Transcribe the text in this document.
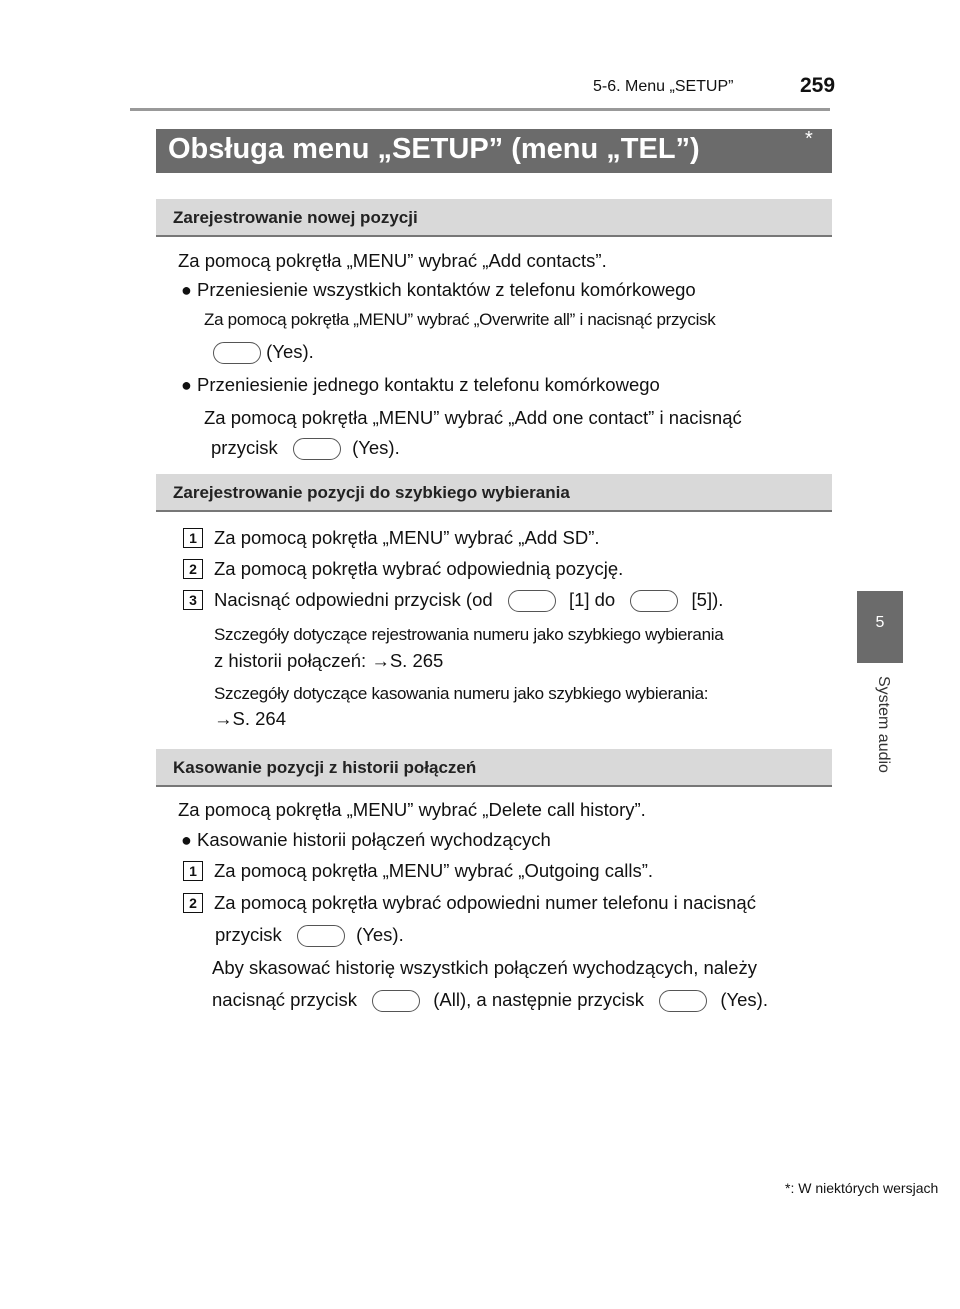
5-6. Menu „SETUP”	259
5
System audio
Obsługa menu „SETUP” (menu „TEL”)	*
Zarejestrowanie nowej pozycji
Za pomocą pokrętła „MENU” wybrać „Add contacts”.
● Przeniesienie wszystkich kontaktów z telefonu komórkowego
Za pomocą pokrętła „MENU” wybrać „Overwrite all” i nacisnąć przycisk
(Yes).
● Przeniesienie jednego kontaktu z telefonu komórkowego
Za pomocą pokrętła „MENU” wybrać „Add one contact” i nacisnąć
przycisk	(Yes).
Zarejestrowanie pozycji do szybkiego wybierania
1 Za pomocą pokrętła „MENU” wybrać „Add SD”.
2 Za pomocą pokrętła wybrać odpowiednią pozycję.
3 Nacisnąć odpowiedni przycisk (od	[1] do	[5]).
Szczegóły dotyczące rejestrowania numeru jako szybkiego wybierania
z historii połączeń: →S. 265
Szczegóły dotyczące kasowania numeru jako szybkiego wybierania:
→S. 264
Kasowanie pozycji z historii połączeń
Za pomocą pokrętła „MENU” wybrać „Delete call history”.
● Kasowanie historii połączeń wychodzących
1 Za pomocą pokrętła „MENU” wybrać „Outgoing calls”.
2 Za pomocą pokrętła wybrać odpowiedni numer telefonu i nacisnąć
przycisk	(Yes).
Aby skasować historię wszystkich połączeń wychodzących, należy
nacisnąć przycisk	(All), a następnie przycisk	(Yes).
*: W niektórych wersjach
